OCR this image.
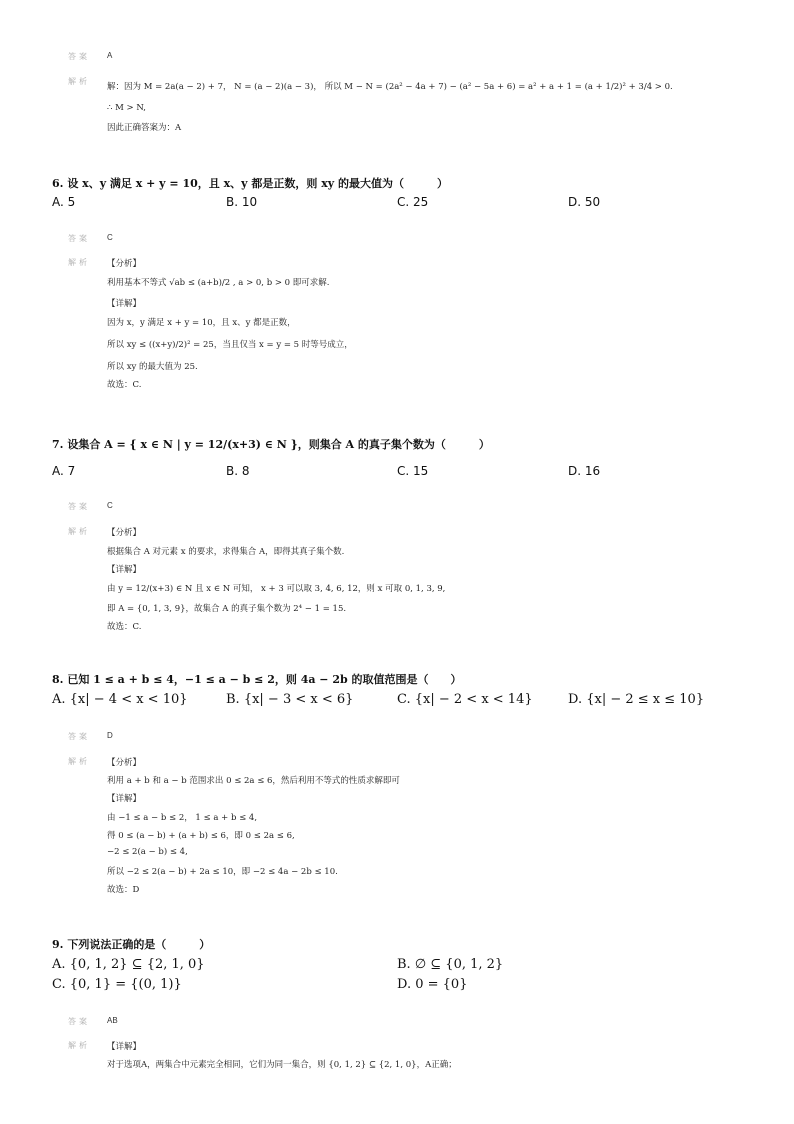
答案 A
解析
解：因为 M = 2a(a − 2) + 7， N = (a − 2)(a − 3)， 所以 M − N = (2a² − 4a + 7) − (a² − 5a + 6) = a² + a + 1 = (a + 1/2)² + 3/4 > 0.
∴ M > N,
因此正确答案为：A
6. 设 x、y 满足 x + y = 10，且 x、y 都是正数，则 xy 的最大值为（　　　）
A. 5	B. 10	C. 25	D. 50
答案 C
解析 【分析】
利用基本不等式 √ab ≤ (a+b)/2 , a > 0, b > 0 即可求解.
【详解】
因为 x，y 满足 x + y = 10，且 x、y 都是正数，
所以 xy ≤ ((x+y)/2)² = 25，当且仅当 x = y = 5 时等号成立，
所以 xy 的最大值为 25.
故选：C.
7. 设集合 A = { x ∈ N | y = 12/(x+3) ∈ N }，则集合 A 的真子集个数为（　　　）
A. 7	B. 8	C. 15	D. 16
答案 C
解析 【分析】
根据集合 A 对元素 x 的要求，求得集合 A，即得其真子集个数.
【详解】
由 y = 12/(x+3) ∈ N 且 x ∈ N 可知， x + 3 可以取 3, 4, 6, 12，则 x 可取 0, 1, 3, 9,
即 A = {0, 1, 3, 9}，故集合 A 的真子集个数为 2⁴ − 1 = 15.
故选：C.
8. 已知 1 ≤ a + b ≤ 4，−1 ≤ a − b ≤ 2，则 4a − 2b 的取值范围是（　　）
A. {x| − 4 < x < 10}	B. {x| − 3 < x < 6}	C. {x| − 2 < x < 14}	D. {x| − 2 ≤ x ≤ 10}
答案 D
解析 【分析】
利用 a + b 和 a − b 范围求出 0 ≤ 2a ≤ 6，然后利用不等式的性质求解即可
【详解】
由 −1 ≤ a − b ≤ 2， 1 ≤ a + b ≤ 4,
得 0 ≤ (a − b) + (a + b) ≤ 6，即 0 ≤ 2a ≤ 6,
−2 ≤ 2(a − b) ≤ 4,
所以 −2 ≤ 2(a − b) + 2a ≤ 10，即 −2 ≤ 4a − 2b ≤ 10.
故选：D
9. 下列说法正确的是（　　　）
A. {0, 1, 2} ⊆ {2, 1, 0}	B. ∅ ⊆ {0, 1, 2}
C. {0, 1} = {(0, 1)}	D. 0 = {0}
答案 AB
解析 【详解】
对于选项A，两集合中元素完全相同，它们为同一集合，则 {0, 1, 2} ⊆ {2, 1, 0}，A正确；
